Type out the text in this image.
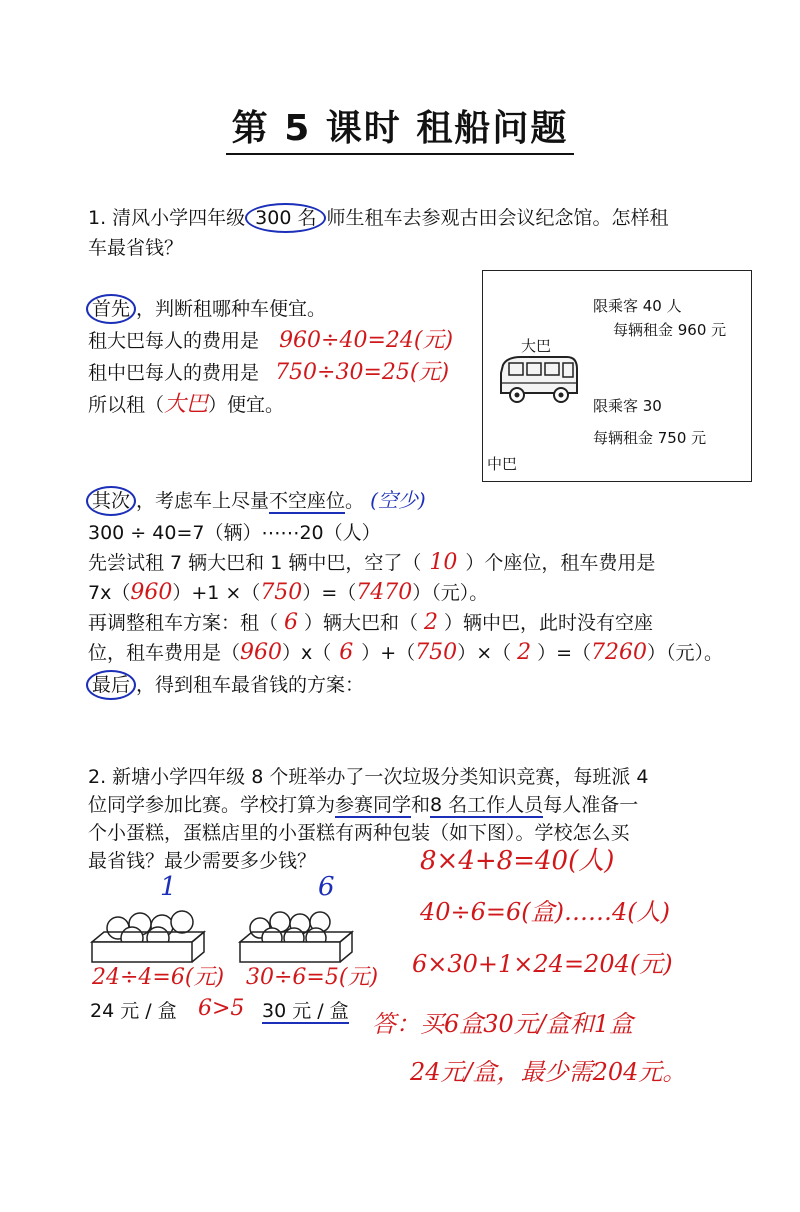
第 5 课时 租船问题
1. 清风小学四年级 300 名 师生租车去参观古田会议纪念馆。怎样租
车最省钱？
首先 ，判断租哪种车便宜。
租大巴每人的费用是 960÷40=24(元)
租中巴每人的费用是 750÷30=25(元)
所以租（大巴）便宜。
限乘客 40 人
每辆租金 960 元
大巴
限乘客 30
每辆租金 750 元
中巴
其次 ，考虑车上尽量不空座位。 (空少)
300 ÷ 40=7（辆）⋯⋯20（人）
先尝试租 7 辆大巴和 1 辆中巴，空了（ 10 ）个座位，租车费用是
7x（960）+1 ×（750）=（7470）（元）。
再调整租车方案：租（ 6 ）辆大巴和（ 2 ）辆中巴，此时没有空座
位，租车费用是（960）x（ 6 ）+（750）×（ 2 ）=（7260）（元）。
最后 ，得到租车最省钱的方案：
2. 新塘小学四年级 8 个班举办了一次垃圾分类知识竞赛，每班派 4
位同学参加比赛。学校打算为参赛同学和8 名工作人员每人准备一
个小蛋糕，蛋糕店里的小蛋糕有两种包装（如下图）。学校怎么买
最省钱？最少需要多少钱？
1	6
24÷4=6(元) 30÷6=5(元)
24 元 / 盒 6>5 30 元 / 盒
8×4+8=40(人)
40÷6=6(盒)……4(人)
6×30+1×24=204(元)
答：买6盒30元/盒和1盒
24元/盒，最少需204元。
